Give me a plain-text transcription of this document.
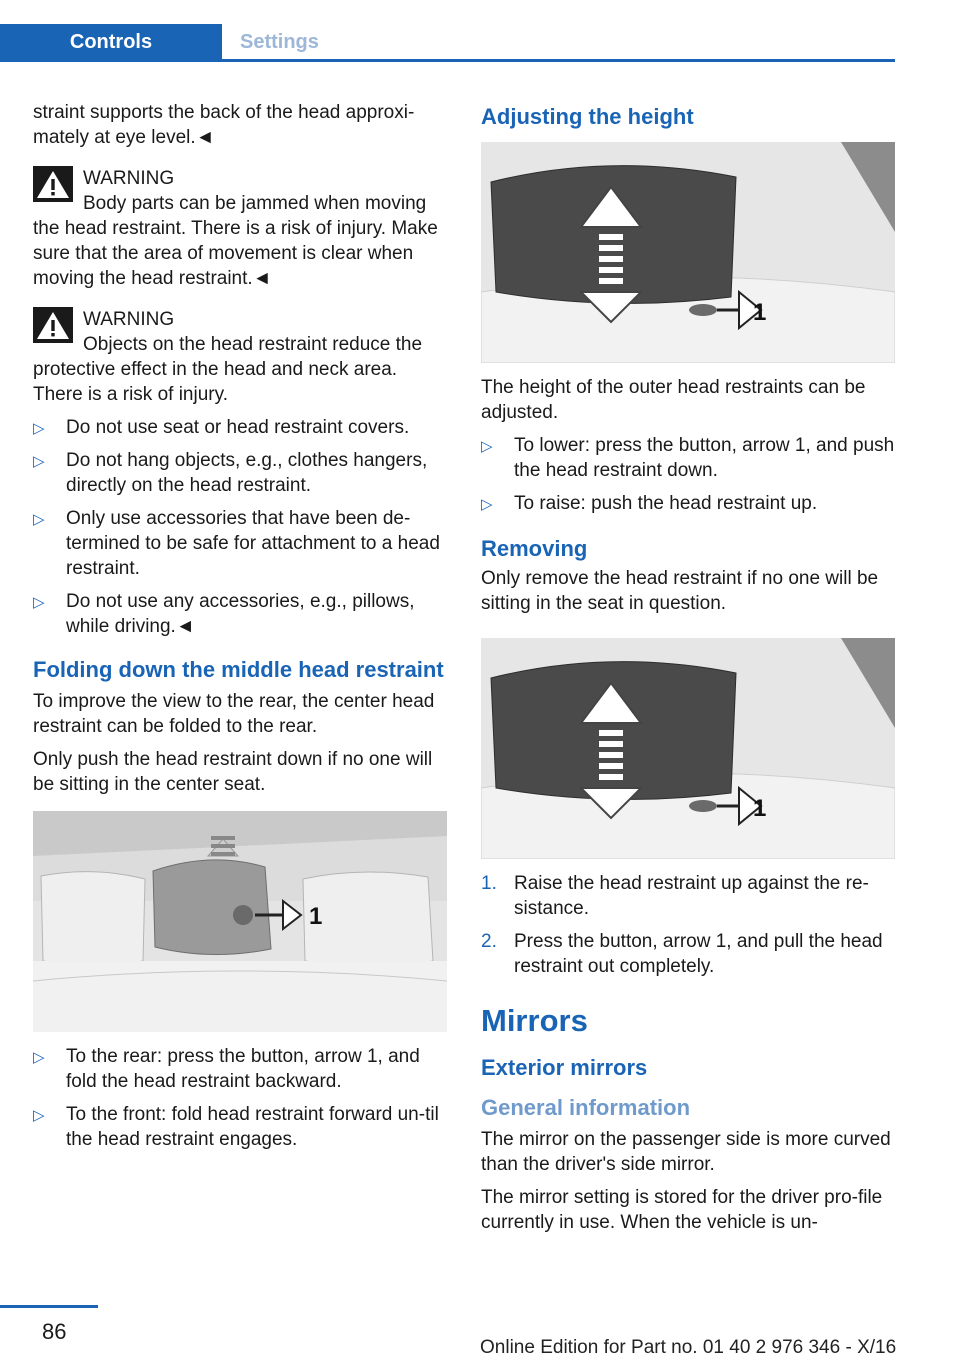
Controls	Settings

straint supports the back of the head approxi-mately at eye level.◄

WARNING
Body parts can be jammed when moving the head restraint. There is a risk of injury. Make sure that the area of movement is clear when moving the head restraint.◄
WARNING
Objects on the head restraint reduce the protective effect in the head and neck area. There is a risk of injury.
▷ Do not use seat or head restraint covers.
▷ Do not hang objects, e.g., clothes hangers, directly on the head restraint.
▷ Only use accessories that have been de-termined to be safe for attachment to a head restraint.
▷ Do not use any accessories, e.g., pillows, while driving.◄
Folding down the middle head restraint

To improve the view to the rear, the center head restraint can be folded to the rear.

Only push the head restraint down if no one will be sitting in the center seat.

1
▷ To the rear: press the button, arrow 1, and fold the head restraint backward.
▷ To the front: fold head restraint forward un-til the head restraint engages.
Adjusting the height
1

The height of the outer head restraints can be adjusted.

▷ To lower: press the button, arrow 1, and push the head restraint down.
▷ To raise: push the head restraint up.
Removing

Only remove the head restraint if no one will be sitting in the seat in question.

1
1. Raise the head restraint up against the re-sistance.
2. Press the button, arrow 1, and pull the head restraint out completely.
Mirrors
Exterior mirrors
General information

The mirror on the passenger side is more curved than the driver's side mirror.

The mirror setting is stored for the driver pro-file currently in use. When the vehicle is un-

86
Online Edition for Part no. 01 40 2 976 346 - X/16
